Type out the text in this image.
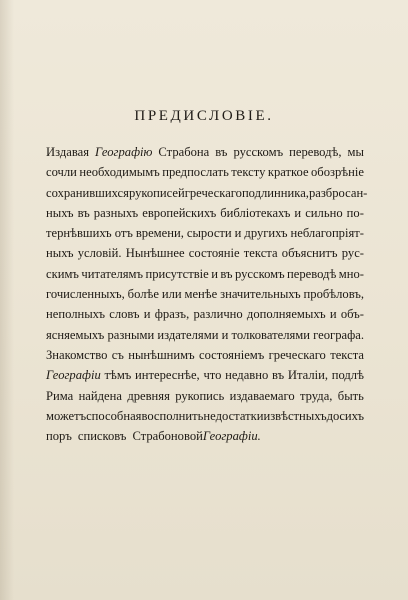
ПРЕДИСЛОВІЕ.
Издавая Географію Страбона въ русскомъ переводѣ, мы
сочли необходимымъ предпослать тексту краткое обозрѣніе
сохранившихся рукописей греческаго подлинника, разбросан-
ныхъ въ разныхъ европейскихъ библіотекахъ и сильно по-
тернѣвшихъ отъ времени, сырости и другихъ неблагопріят-
ныхъ условій. Нынѣшнее состояніе текста объяснитъ рус-
скимъ читателямъ присутствіе и въ русскомъ переводѣ мно-
гочисленныхъ, болѣе или менѣе значительныхъ пробѣловъ,
неполныхъ словъ и фразъ, различно дополняемыхъ и объ-
ясняемыхъ разными издателями и толкователями географа.
Знакомство съ нынѣшнимъ состояніемъ греческаго текста
Географіи тѣмъ интереснѣе, что недавно въ Италіи, подлѣ
Рима найдена древняя рукопись издаваемаго труда, быть
можетъ способная восполнить недостатки извѣстныхъ до сихъ
поръ списковъ Страбоновой Географіи.
